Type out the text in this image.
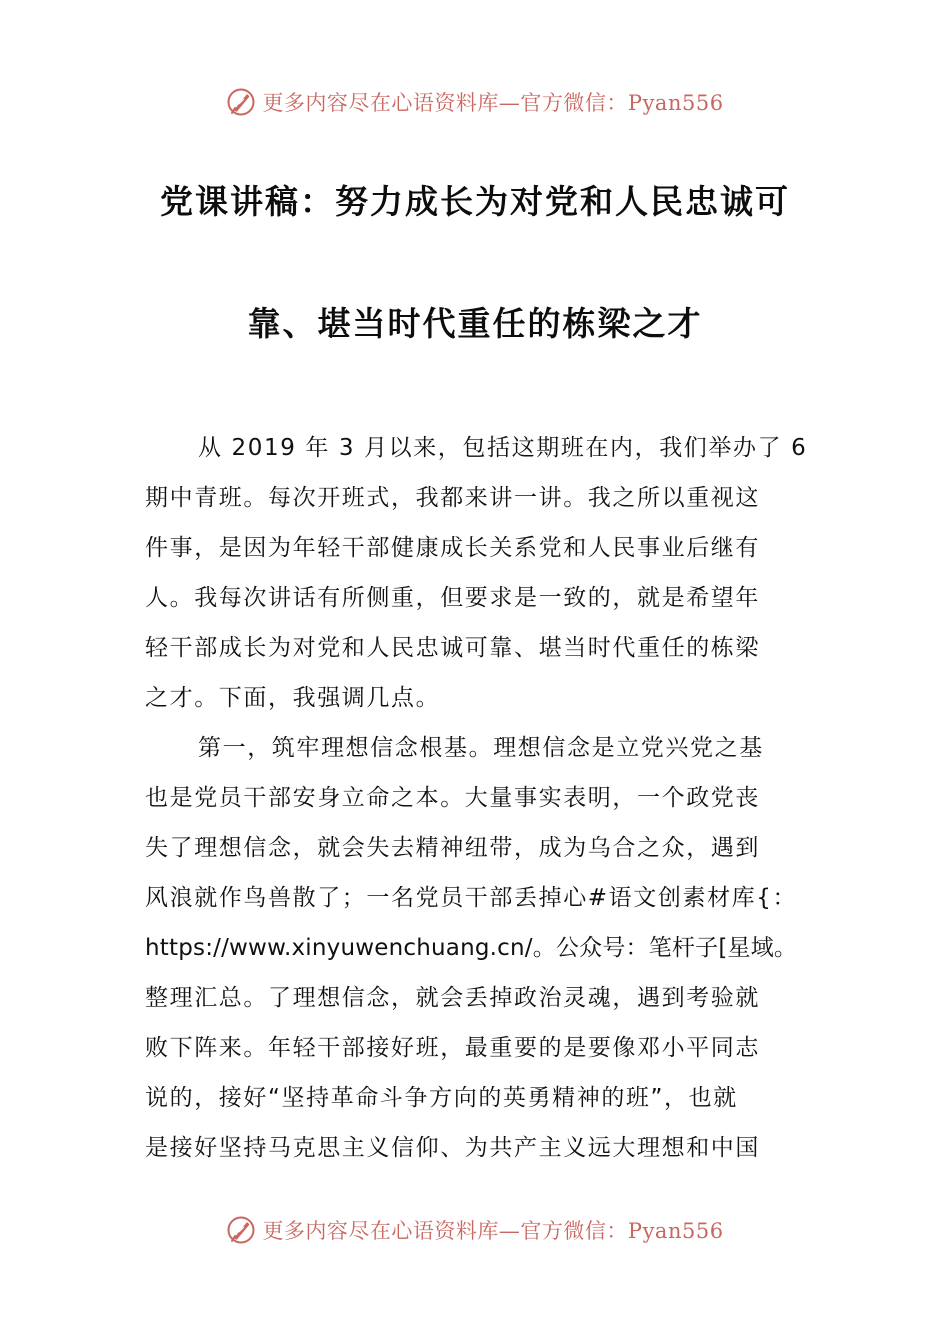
更多内容尽在心语资料库—官方微信：Pyan556
党课讲稿：努力成长为对党和人民忠诚可
靠、堪当时代重任的栋梁之才
从 2019 年 3 月以来，包括这期班在内，我们举办了 6
期中青班。每次开班式，我都来讲一讲。我之所以重视这
件事，是因为年轻干部健康成长关系党和人民事业后继有
人。我每次讲话有所侧重，但要求是一致的，就是希望年
轻干部成长为对党和人民忠诚可靠、堪当时代重任的栋梁
之才。下面，我强调几点。
第一，筑牢理想信念根基。理想信念是立党兴党之基
也是党员干部安身立命之本。大量事实表明，一个政党丧
失了理想信念，就会失去精神纽带，成为乌合之众，遇到
风浪就作鸟兽散了；一名党员干部丢掉心#语文创素材库{：
https://www.xinyuwenchuang.cn/。公众号：笔杆子[星域。
整理汇总。了理想信念，就会丢掉政治灵魂，遇到考验就
败下阵来。年轻干部接好班，最重要的是要像邓小平同志
说的，接好“坚持革命斗争方向的英勇精神的班”，也就
是接好坚持马克思主义信仰、为共产主义远大理想和中国
更多内容尽在心语资料库—官方微信：Pyan556
